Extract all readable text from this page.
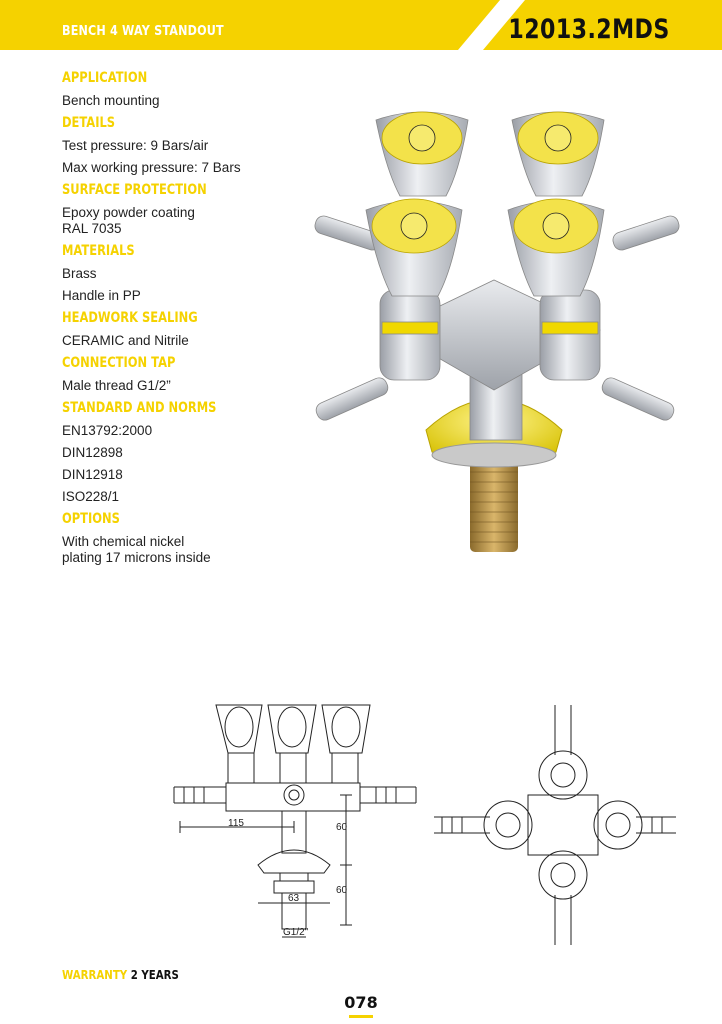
BENCH 4 WAY STANDOUT	12013.2MDS
APPLICATION
Bench mounting
DETAILS
Test pressure: 9 Bars/air
Max working pressure: 7 Bars
SURFACE PROTECTION
Epoxy powder coating
RAL 7035
MATERIALS
Brass
Handle in PP
HEADWORK SEALING
CERAMIC and Nitrile
CONNECTION TAP
Male thread G1/2”
STANDARD AND NORMS
EN13792:2000
DIN12898
DIN12918
ISO228/1
OPTIONS
With chemical nickel
plating 17 microns inside
115	60
60
63
G1/2"
WARRANTY 2 YEARS
078
